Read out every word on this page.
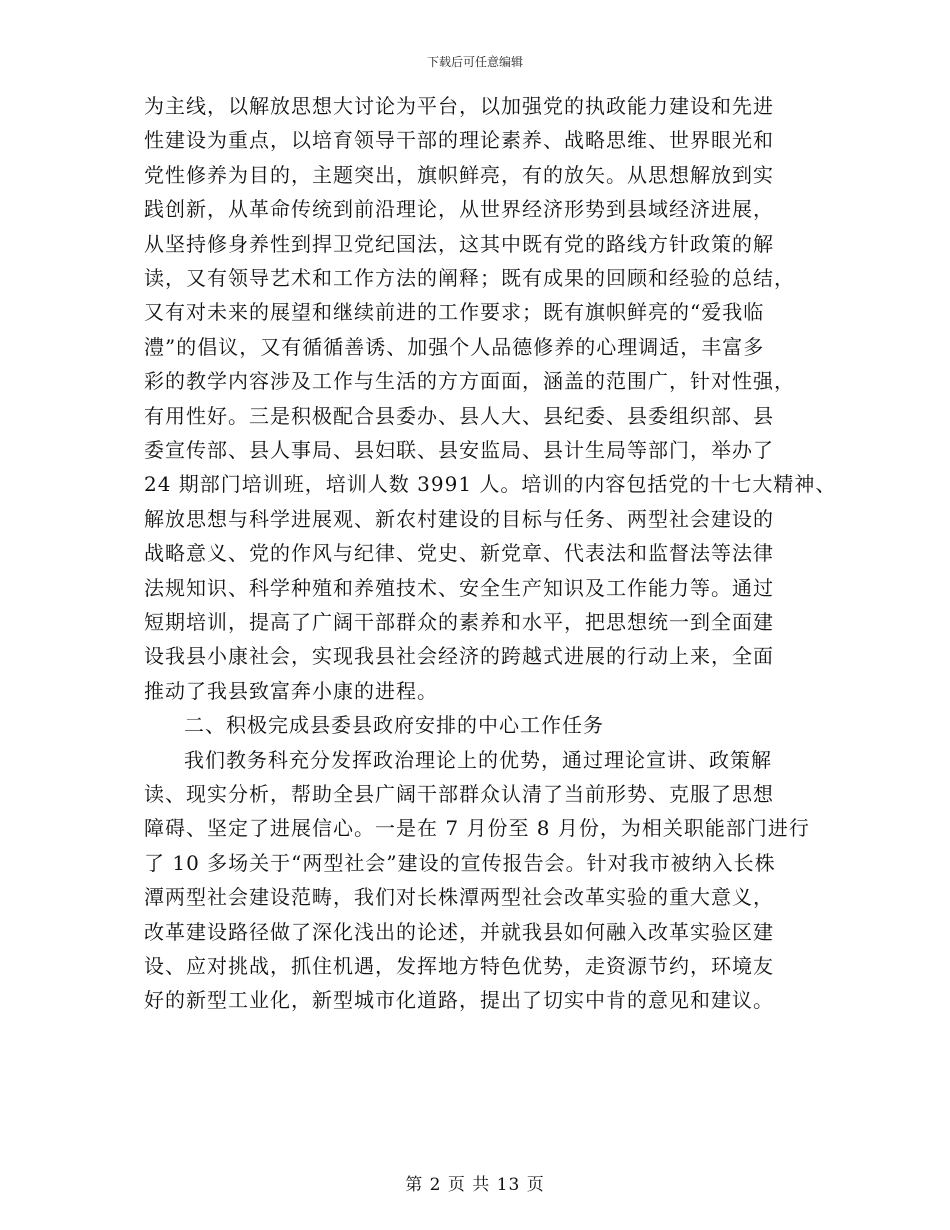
下载后可任意编辑
为主线，以解放思想大讨论为平台，以加强党的执政能力建设和先进
性建设为重点，以培育领导干部的理论素养、战略思维、世界眼光和
党性修养为目的，主题突出，旗帜鲜亮，有的放矢。从思想解放到实
践创新，从革命传统到前沿理论，从世界经济形势到县域经济进展，
从坚持修身养性到捍卫党纪国法，这其中既有党的路线方针政策的解
读，又有领导艺术和工作方法的阐释；既有成果的回顾和经验的总结，
又有对未来的展望和继续前进的工作要求；既有旗帜鲜亮的“爱我临
澧”的倡议，又有循循善诱、加强个人品德修养的心理调适，丰富多
彩的教学内容涉及工作与生活的方方面面，涵盖的范围广，针对性强，
有用性好。三是积极配合县委办、县人大、县纪委、县委组织部、县
委宣传部、县人事局、县妇联、县安监局、县计生局等部门，举办了
24 期部门培训班，培训人数 3991 人。培训的内容包括党的十七大精神、
解放思想与科学进展观、新农村建设的目标与任务、两型社会建设的
战略意义、党的作风与纪律、党史、新党章、代表法和监督法等法律
法规知识、科学种殖和养殖技术、安全生产知识及工作能力等。通过
短期培训，提高了广阔干部群众的素养和水平，把思想统一到全面建
设我县小康社会，实现我县社会经济的跨越式进展的行动上来，全面
推动了我县致富奔小康的进程。
二、积极完成县委县政府安排的中心工作任务
我们教务科充分发挥政治理论上的优势，通过理论宣讲、政策解
读、现实分析，帮助全县广阔干部群众认清了当前形势、克服了思想
障碍、坚定了进展信心。一是在 7 月份至 8 月份，为相关职能部门进行
了 10 多场关于“两型社会”建设的宣传报告会。针对我市被纳入长株
潭两型社会建设范畴，我们对长株潭两型社会改革实验的重大意义，
改革建设路径做了深化浅出的论述，并就我县如何融入改革实验区建
设、应对挑战，抓住机遇，发挥地方特色优势，走资源节约，环境友
好的新型工业化，新型城市化道路，提出了切实中肯的意见和建议。
第 2 页 共 13 页
